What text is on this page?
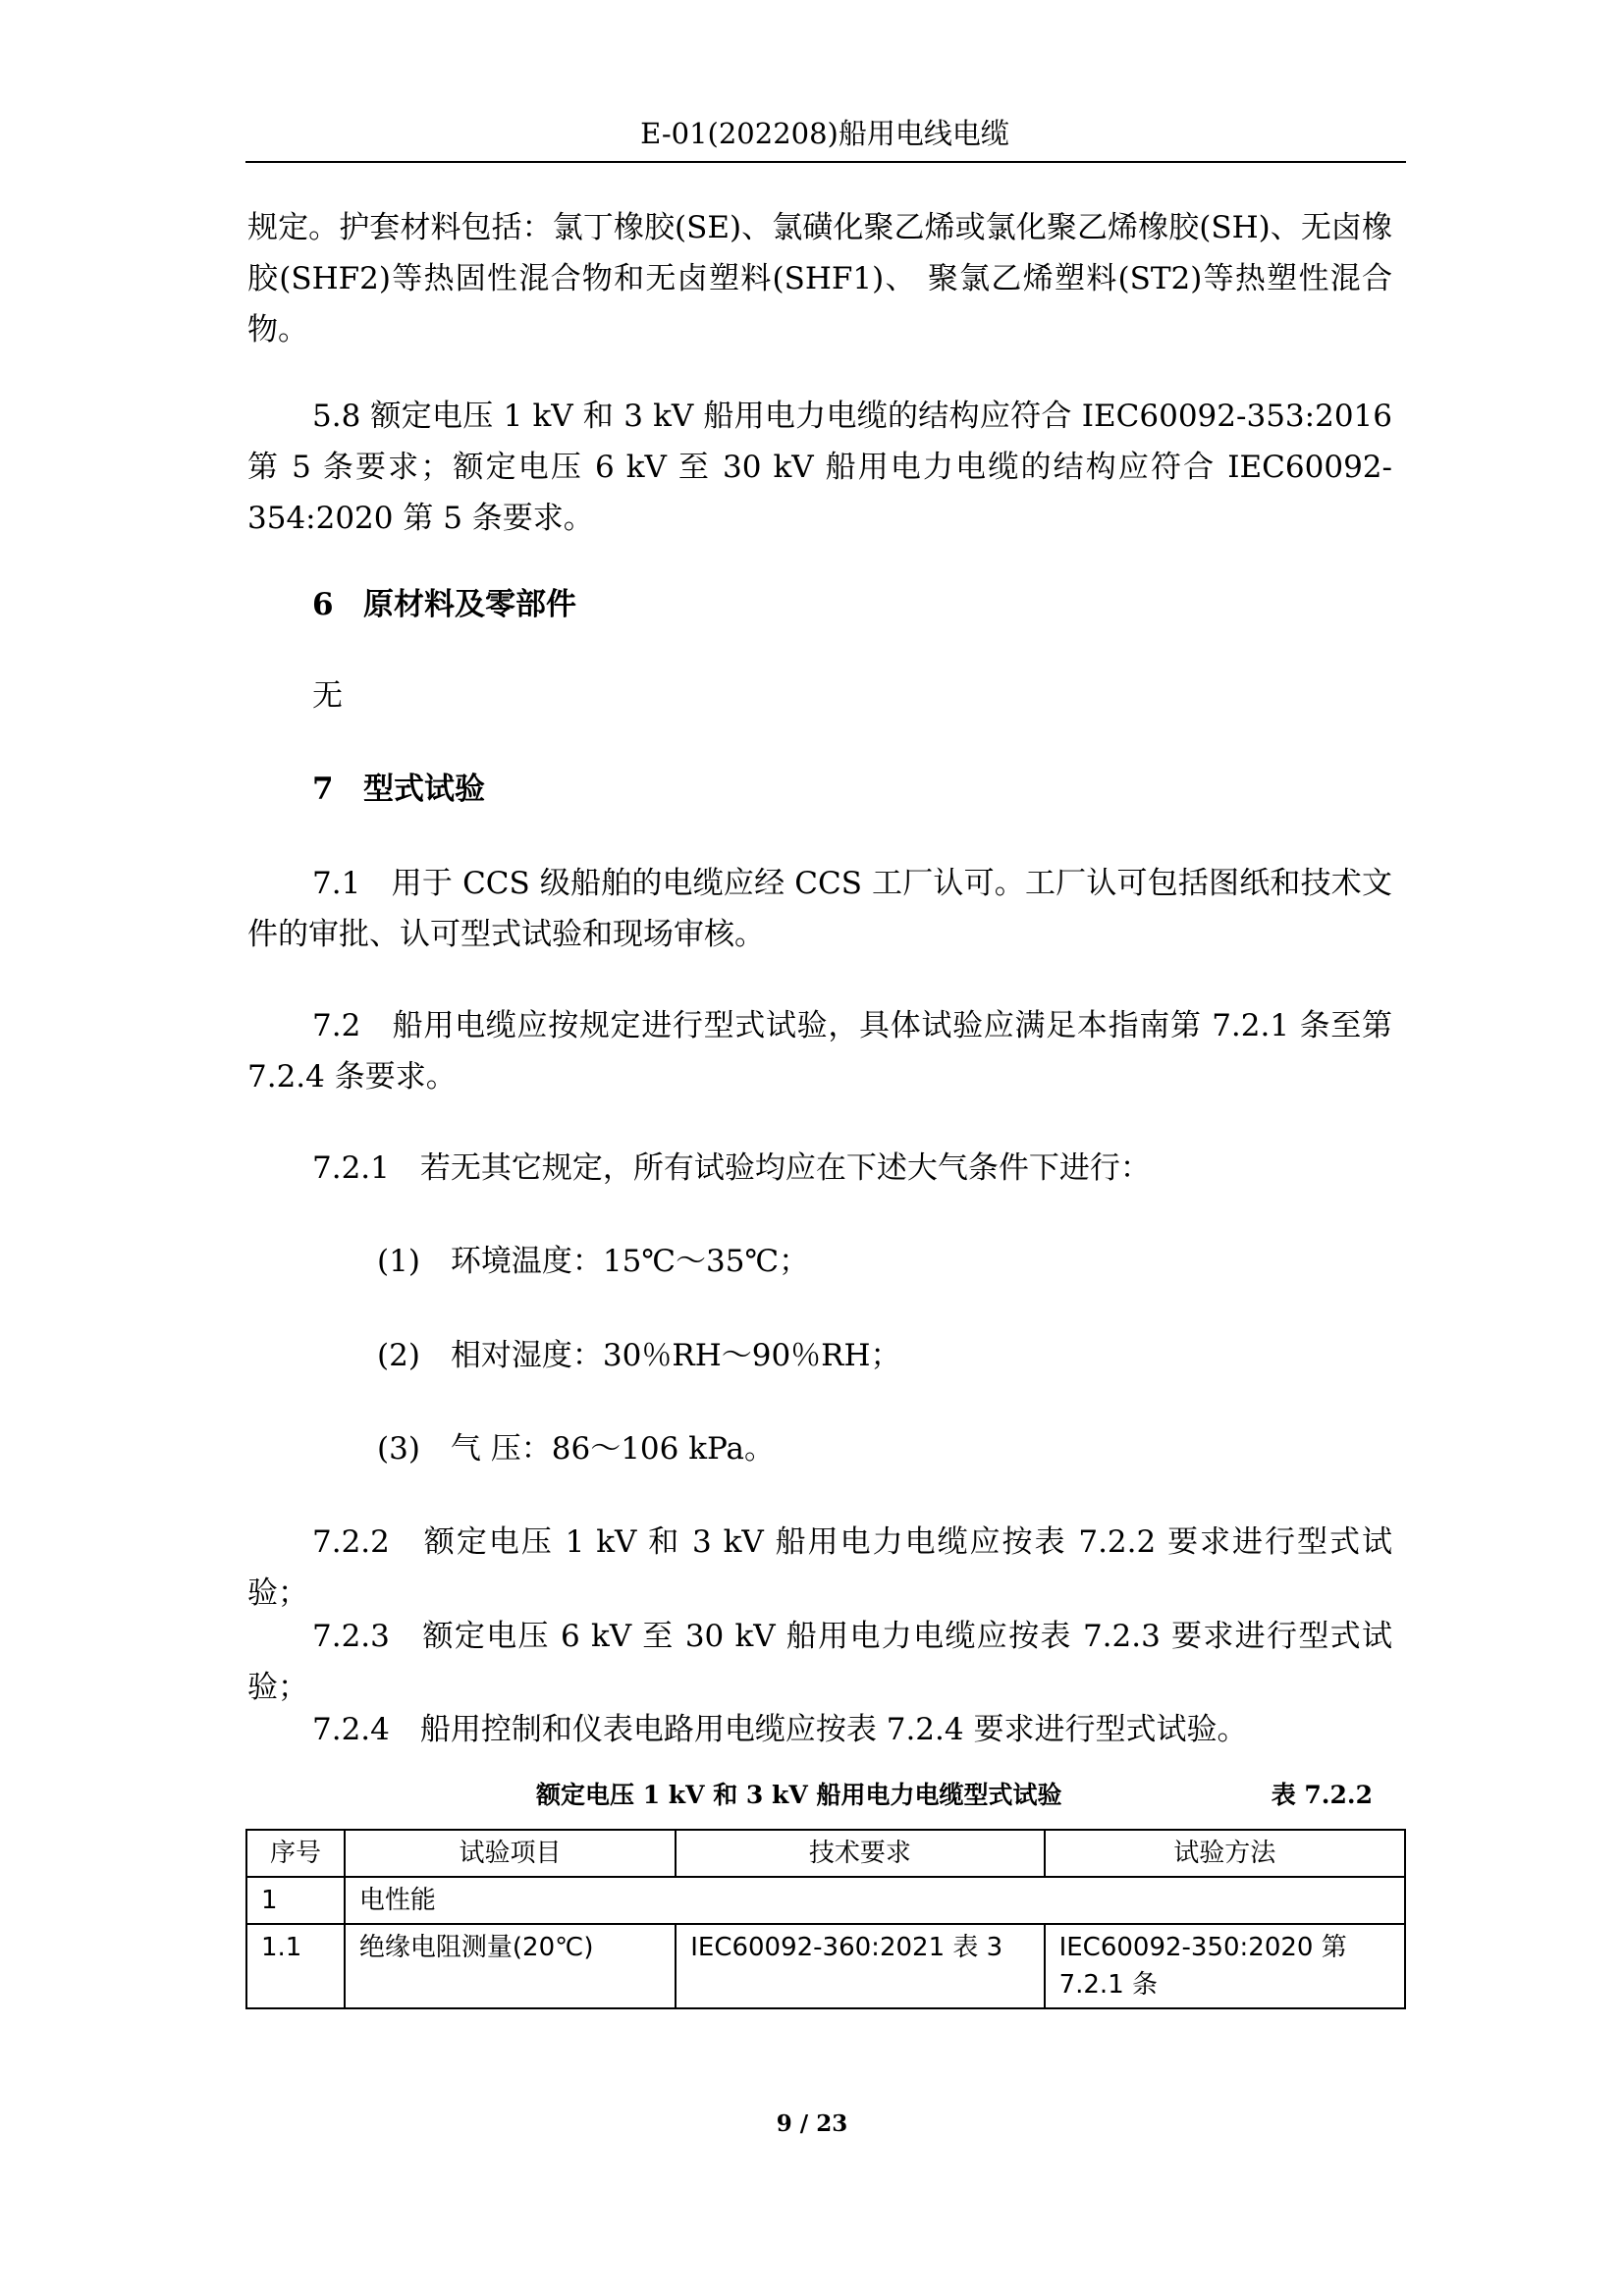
E-01(202208)船用电线电缆

规定。护套材料包括：氯丁橡胶(SE)、氯磺化聚乙烯或氯化聚乙烯橡胶(SH)、无卤橡胶(SHF2)等热固性混合物和无卤塑料(SHF1)、 聚氯乙烯塑料(ST2)等热塑性混合物。

5.8 额定电压 1 kV 和 3 kV 船用电力电缆的结构应符合 IEC60092-353:2016 第 5 条要求；额定电压 6 kV 至 30 kV 船用电力电缆的结构应符合 IEC60092-354:2020 第 5 条要求。

6 原材料及零部件

无

7 型式试验

7.1　用于 CCS 级船舶的电缆应经 CCS 工厂认可。工厂认可包括图纸和技术文件的审批、认可型式试验和现场审核。

7.2　船用电缆应按规定进行型式试验，具体试验应满足本指南第 7.2.1 条至第 7.2.4 条要求。

7.2.1　若无其它规定，所有试验均应在下述大气条件下进行：

(1)　环境温度：15℃～35℃；
(2)　相对湿度：30％RH～90％RH；
(3)　气 压：86～106 kPa。

7.2.2　额定电压 1 kV 和 3 kV 船用电力电缆应按表 7.2.2 要求进行型式试验；

7.2.3　额定电压 6 kV 至 30 kV 船用电力电缆应按表 7.2.3 要求进行型式试验；

7.2.4　船用控制和仪表电路用电缆应按表 7.2.4 要求进行型式试验。

额定电压 1 kV 和 3 kV 船用电力电缆型式试验	表 7.2.2
序号	试验项目	技术要求	试验方法
1	电性能		
1.1	绝缘电阻测量(20℃)	IEC60092-360:2021 表 3	IEC60092-350:2020 第 7.2.1 条
9 / 23
